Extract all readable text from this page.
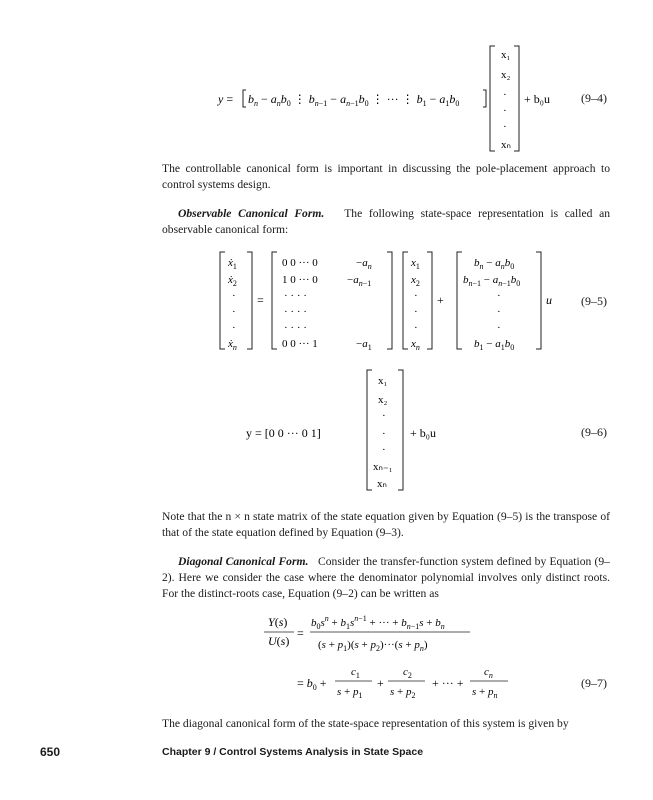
$y = b_n - a_nb_0$ ⋮ $b_n-1 - a_n-1b_0$ ⋮ ··· ⋮ $b_1 - a_1b_0$
x₁
x₂
·
·
·
xₙ
+ b₀u	(9–4)

The controllable canonical form is important in discussing the pole-placement approach to control systems design.

Observable Canonical Form. The following state-space representation is called an observable canonical form:

ẋ$_1$
ẋ$_2$
·
·
·
ẋ$_n$
=
0 0 ··· 0	$-a_n$
1 0 ··· 0	$-a_n-1$
· · · ·
· · · ·
· · · ·
0 0 ··· 1	$-a_1$
$x_1$
$x_2$
·
·
·
$x_n$
+
$b_n - a_nb_0$
$b_n-1 - a_n-1b_0$
·
·
·
$b_1 - a_1b_0$
u (9–5)
y = [0 0 ··· 0 1]
x₁
x₂
·
·
·
xₙ₋₁
xₙ
+ b₀u	(9–6)

Note that the n × n state matrix of the state equation given by Equation (9–5) is the transpose of that of the state equation defined by Equation (9–3).

Diagonal Canonical Form. Consider the transfer-function system defined by Equation (9–2). Here we consider the case where the denominator polynomial involves only distinct roots. For the distinct-roots case, Equation (9–2) can be written as

Y(s)
U(s)
=
$b_0s^n + b_1s^n-1$ + ··· + $b_n-1s + b_n$
$(s + p_1)(s + p_2)\cdot\cdot\cdot(s + p_n)$
= $b_0$ +
$c_1$
$s + p_1$
+
$c_2$
$s + p_2$
+ ··· +
$c_n$
$s + p_n$
(9–7)

The diagonal canonical form of the state-space representation of this system is given by

650	Chapter 9 / Control Systems Analysis in State Space
